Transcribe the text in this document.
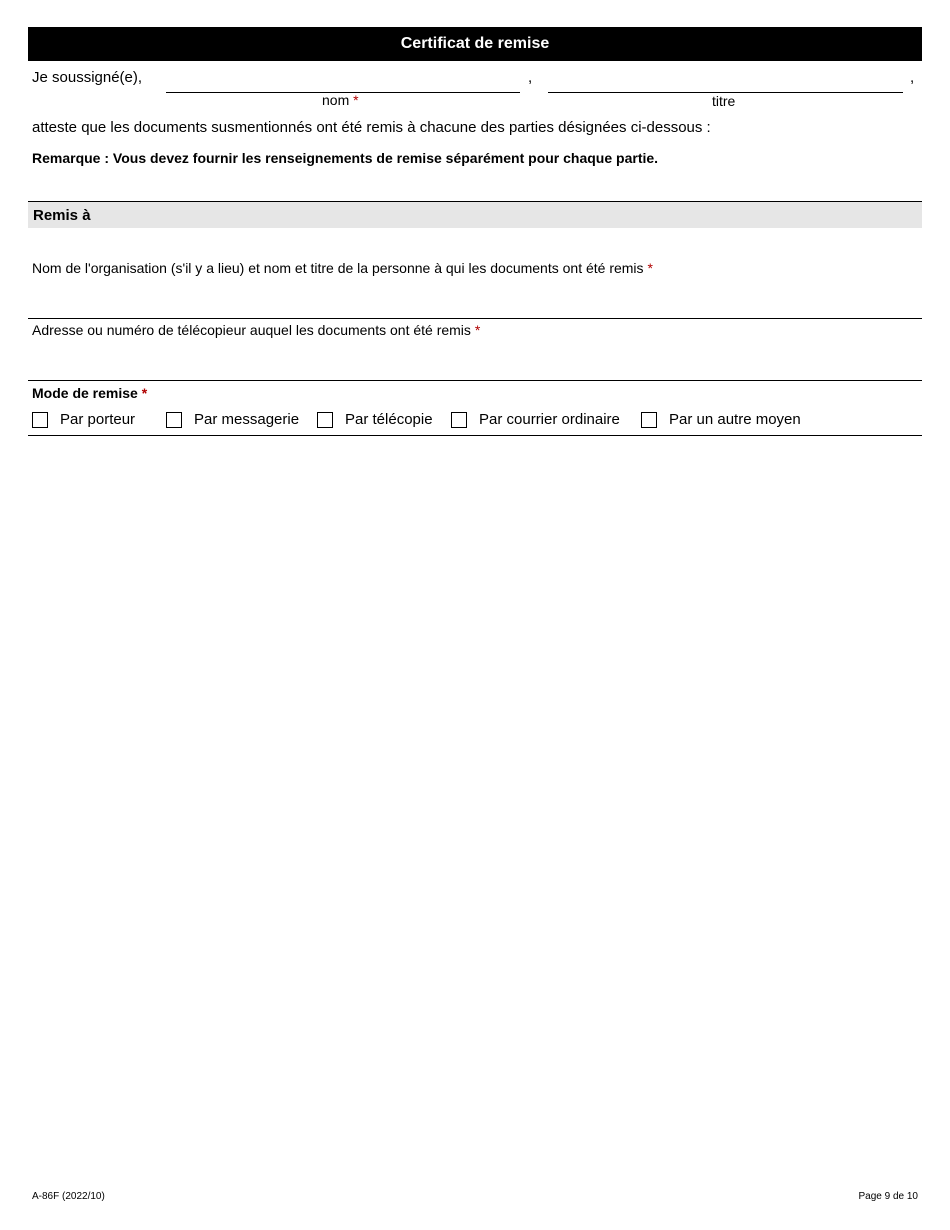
Certificat de remise
Je soussigné(e),	,	,
nom *	titre
atteste que les documents susmentionnés ont été remis à chacune des parties désignées ci-dessous :
Remarque : Vous devez fournir les renseignements de remise séparément pour chaque partie.
Remis à
Nom de l'organisation (s'il y a lieu) et nom et titre de la personne à qui les documents ont été remis *
Adresse ou numéro de télécopieur auquel les documents ont été remis *
Mode de remise *
Par porteur	Par messagerie	Par télécopie	Par courrier ordinaire	Par un autre moyen
A-86F (2022/10)	Page 9 de 10
